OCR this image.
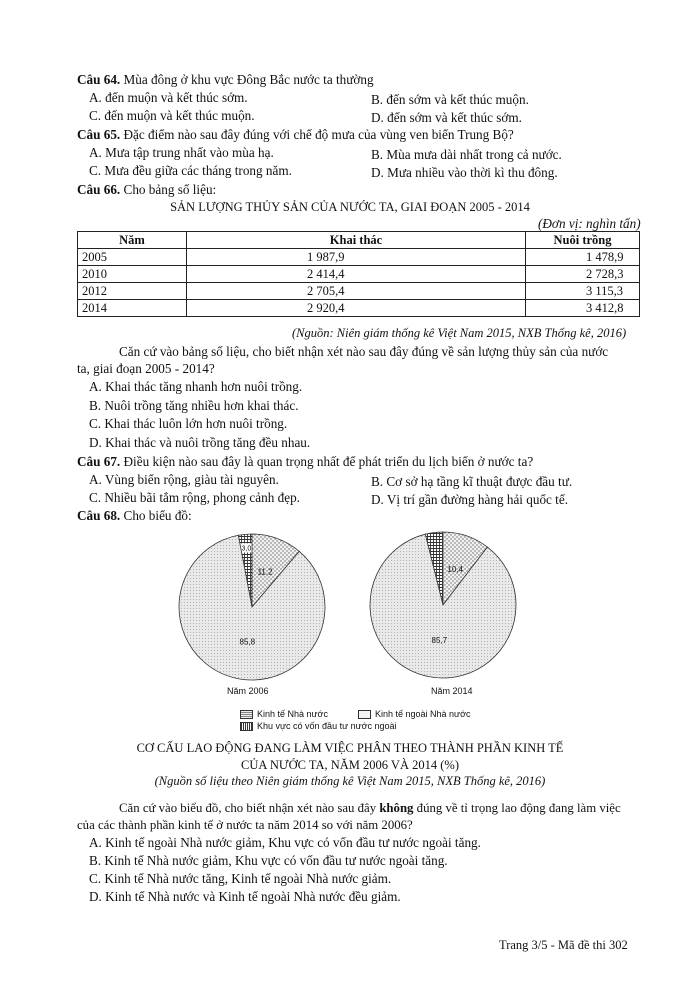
Câu 64. Mùa đông ở khu vực Đông Bắc nước ta thường
A. đến muộn và kết thúc sớm.	B. đến sớm và kết thúc muộn.
C. đến muộn và kết thúc muộn.	D. đến sớm và kết thúc sớm.
Câu 65. Đặc điểm nào sau đây đúng với chế độ mưa của vùng ven biển Trung Bộ?
A. Mưa tập trung nhất vào mùa hạ.	B. Mùa mưa dài nhất trong cả nước.
C. Mưa đều giữa các tháng trong năm.	D. Mưa nhiều vào thời kì thu đông.
Câu 66. Cho bảng số liệu:
SẢN LƯỢNG THỦY SẢN CỦA NƯỚC TA, GIAI ĐOẠN 2005 - 2014
(Đơn vị: nghìn tấn)
Năm	Khai thác	Nuôi trồng
2005	1 987,9	1 478,9
2010	2 414,4	2 728,3
2012	2 705,4	3 115,3
2014	2 920,4	3 412,8
(Nguồn: Niên giám thống kê Việt Nam 2015, NXB Thống kê, 2016)
Căn cứ vào bảng số liệu, cho biết nhận xét nào sau đây đúng về sản lượng thủy sản của nước
ta, giai đoạn 2005 - 2014?
A. Khai thác tăng nhanh hơn nuôi trồng.
B. Nuôi trồng tăng nhiều hơn khai thác.
C. Khai thác luôn lớn hơn nuôi trồng.
D. Khai thác và nuôi trồng tăng đều nhau.
Câu 67. Điều kiện nào sau đây là quan trọng nhất để phát triển du lịch biển ở nước ta?
A. Vùng biển rộng, giàu tài nguyên.	B. Cơ sở hạ tầng kĩ thuật được đầu tư.
C. Nhiều bãi tắm rộng, phong cảnh đẹp.	D. Vị trí gần đường hàng hải quốc tế.
Câu 68. Cho biểu đồ:
3,0
11,2
85,8
10,4
85,7
Năm 2006	Năm 2014
Kinh tế Nhà nước	Kinh tế ngoài Nhà nước
Khu vực có vốn đầu tư nước ngoài
CƠ CẤU LAO ĐỘNG ĐANG LÀM VIỆC PHÂN THEO THÀNH PHẦN KINH TẾ
CỦA NƯỚC TA, NĂM 2006 VÀ 2014 (%)
(Nguồn số liệu theo Niên giám thống kê Việt Nam 2015, NXB Thống kê, 2016)
Căn cứ vào biểu đồ, cho biết nhận xét nào sau đây không đúng về tỉ trọng lao động đang làm việc
của các thành phần kinh tế ở nước ta năm 2014 so với năm 2006?
A. Kinh tế ngoài Nhà nước giảm, Khu vực có vốn đầu tư nước ngoài tăng.
B. Kinh tế Nhà nước giảm, Khu vực có vốn đầu tư nước ngoài tăng.
C. Kinh tế Nhà nước tăng, Kinh tế ngoài Nhà nước giảm.
D. Kinh tế Nhà nước và Kinh tế ngoài Nhà nước đều giảm.
Trang 3/5 - Mã đề thi 302
